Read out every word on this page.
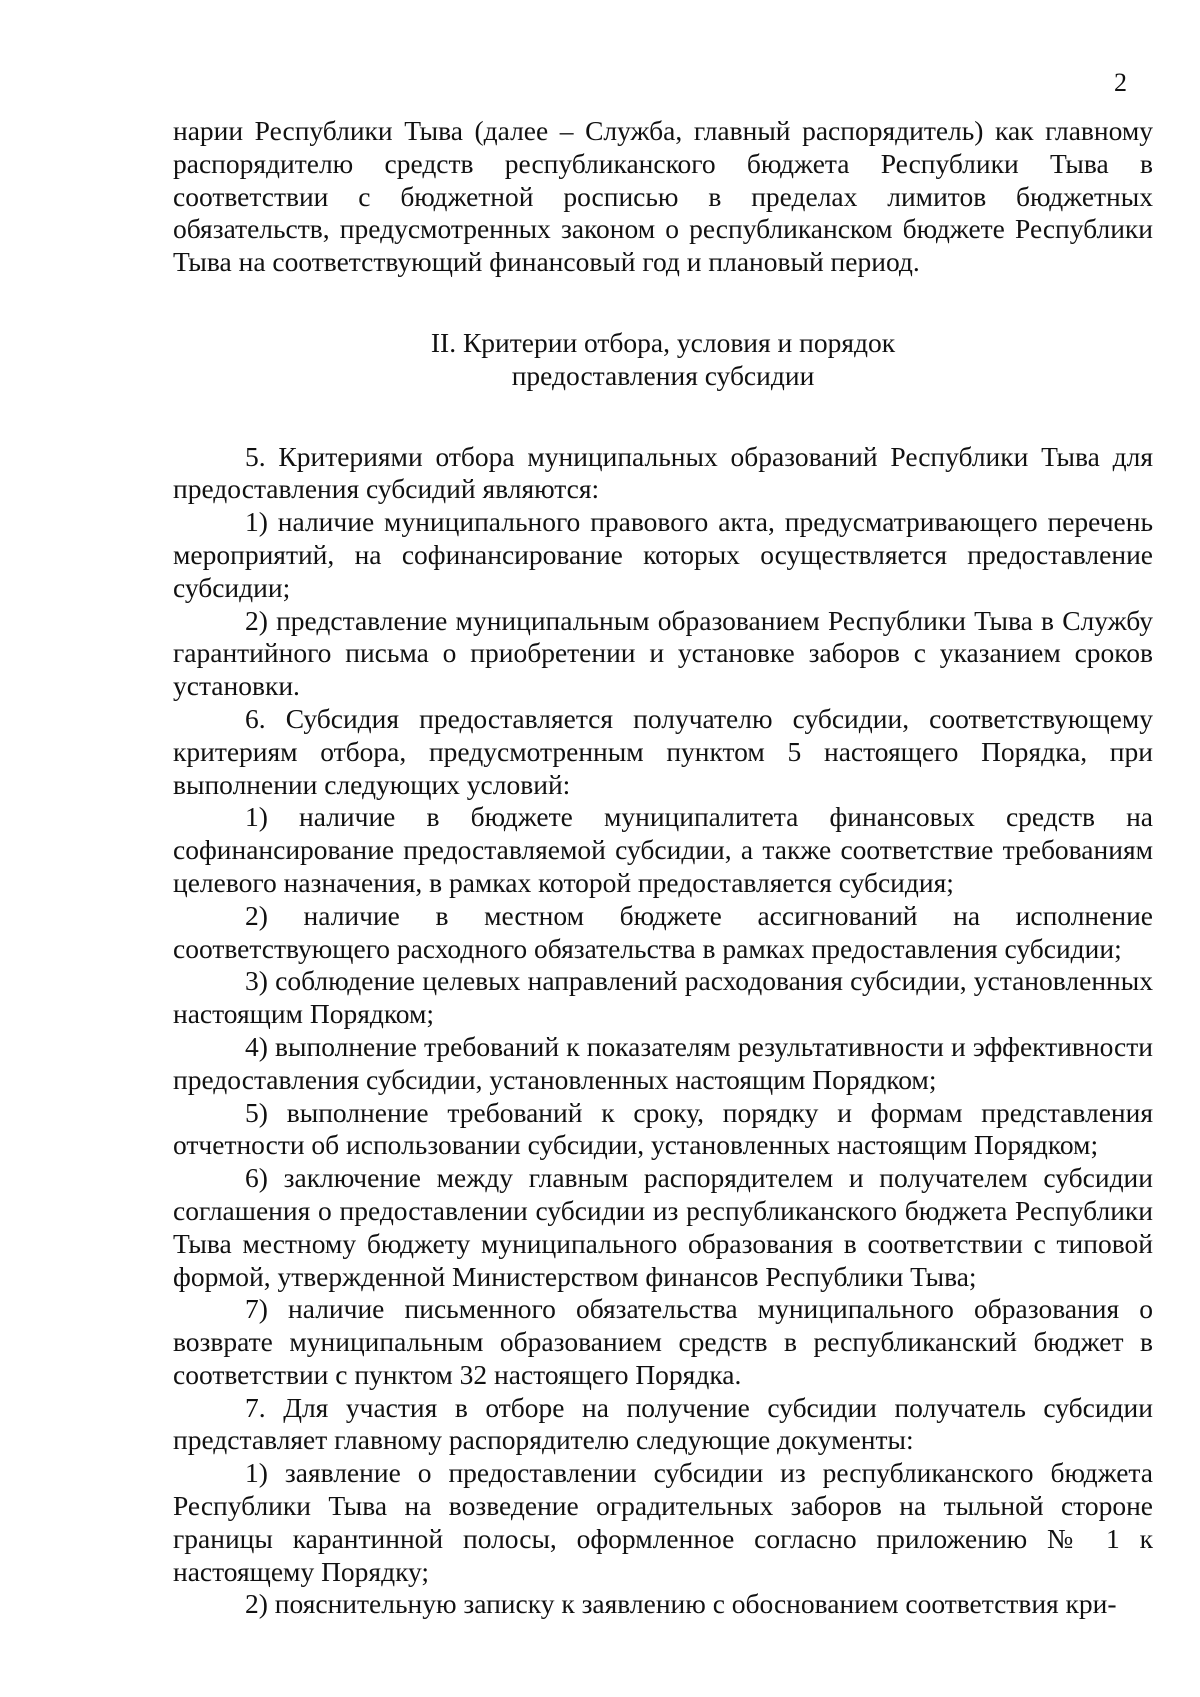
2

нарии Республики Тыва (далее – Служба, главный распорядитель) как главному распорядителю средств республиканского бюджета Республики Тыва в соответствии с бюджетной росписью в пределах лимитов бюджетных обязательств, предусмотренных законом о республиканском бюджете Республики Тыва на соответствующий финансовый год и плановый период.

II. Критерии отбора, условия и порядок
предоставления субсидии

5. Критериями отбора муниципальных образований Республики Тыва для предоставления субсидий являются:

1) наличие муниципального правового акта, предусматривающего перечень мероприятий, на софинансирование которых осуществляется предоставление субсидии;

2) представление муниципальным образованием Республики Тыва в Службу гарантийного письма о приобретении и установке заборов с указанием сроков установки.

6. Субсидия предоставляется получателю субсидии, соответствующему критериям отбора, предусмотренным пунктом 5 настоящего Порядка, при выполнении следующих условий:

1) наличие в бюджете муниципалитета финансовых средств на софинансирование предоставляемой субсидии, а также соответствие требованиям целевого назначения, в рамках которой предоставляется субсидия;

2) наличие в местном бюджете ассигнований на исполнение соответствующего расходного обязательства в рамках предоставления субсидии;

3) соблюдение целевых направлений расходования субсидии, установленных настоящим Порядком;

4) выполнение требований к показателям результативности и эффективности предоставления субсидии, установленных настоящим Порядком;

5) выполнение требований к сроку, порядку и формам представления отчетности об использовании субсидии, установленных настоящим Порядком;

6) заключение между главным распорядителем и получателем субсидии соглашения о предоставлении субсидии из республиканского бюджета Республики Тыва местному бюджету муниципального образования в соответствии с типовой формой, утвержденной Министерством финансов Республики Тыва;

7) наличие письменного обязательства муниципального образования о возврате муниципальным образованием средств в республиканский бюджет в соответствии с пунктом 32 настоящего Порядка.

7. Для участия в отборе на получение субсидии получатель субсидии представляет главному распорядителю следующие документы:

1) заявление о предоставлении субсидии из республиканского бюджета Республики Тыва на возведение оградительных заборов на тыльной стороне границы карантинной полосы, оформленное согласно приложению № 1 к настоящему Порядку;

2) пояснительную записку к заявлению с обоснованием соответствия кри-
